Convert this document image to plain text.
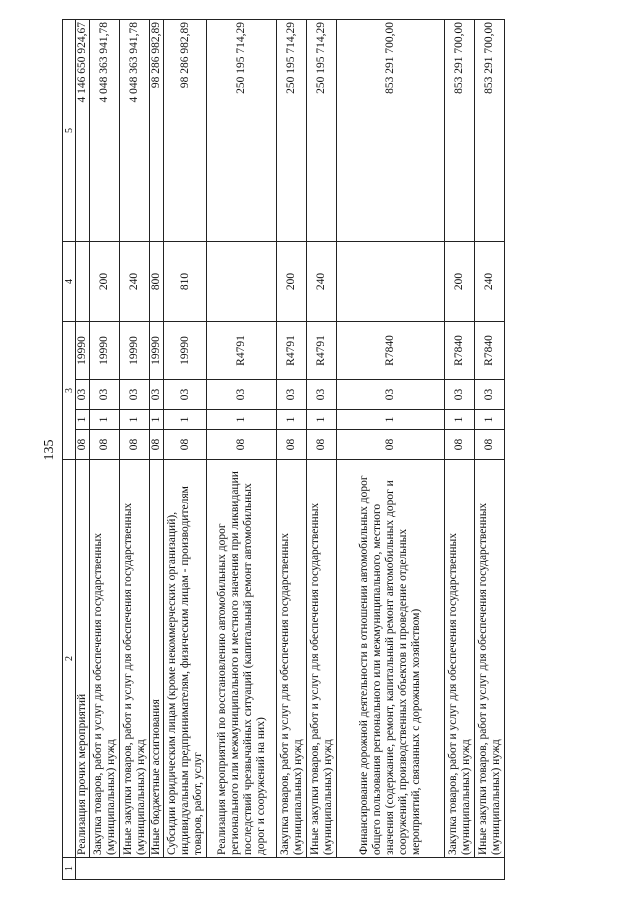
135
1	2	3				4	5
	Реализация прочих мероприятий	08	1	03	19990		4 146 650 924,67
	Закупка товаров, работ и услуг для обеспечения государственных (муниципальных) нужд	08	1	03	19990	200	4 048 363 941,78
	Иные закупки товаров, работ и услуг для обеспечения государственных (муниципальных) нужд	08	1	03	19990	240	4 048 363 941,78
	Иные бюджетные ассигнования	08	1	03	19990	800	98 286 982,89
	Субсидии юридическим лицам (кроме некоммерческих организаций), индивидуальным предпринимателям, физическим лицам - производителям товаров, работ, услуг	08	1	03	19990	810	98 286 982,89
	Реализация мероприятий по восстановлению автомобильных дорог регионального или межмуниципального и местного значения при ликвидации последствий чрезвычайных ситуаций (капитальный ремонт автомобильных дорог и сооружений на них)	08	1	03	R4791		250 195 714,29
	Закупка товаров, работ и услуг для обеспечения государственных (муниципальных) нужд	08	1	03	R4791	200	250 195 714,29
	Иные закупки товаров, работ и услуг для обеспечения государственных (муниципальных) нужд	08	1	03	R4791	240	250 195 714,29
	Финансирование дорожной деятельности в отношении автомобильных дорог общего пользования регионального или межмуниципального, местного значения (содержание, ремонт, капитальный ремонт автомобильных дорог и сооружений, производственных объектов и проведение отдельных мероприятий, связанных с дорожным хозяйством)	08	1	03	R7840		853 291 700,00
	Закупка товаров, работ и услуг для обеспечения государственных (муниципальных) нужд	08	1	03	R7840	200	853 291 700,00
	Иные закупки товаров, работ и услуг для обеспечения государственных (муниципальных) нужд	08	1	03	R7840	240	853 291 700,00
